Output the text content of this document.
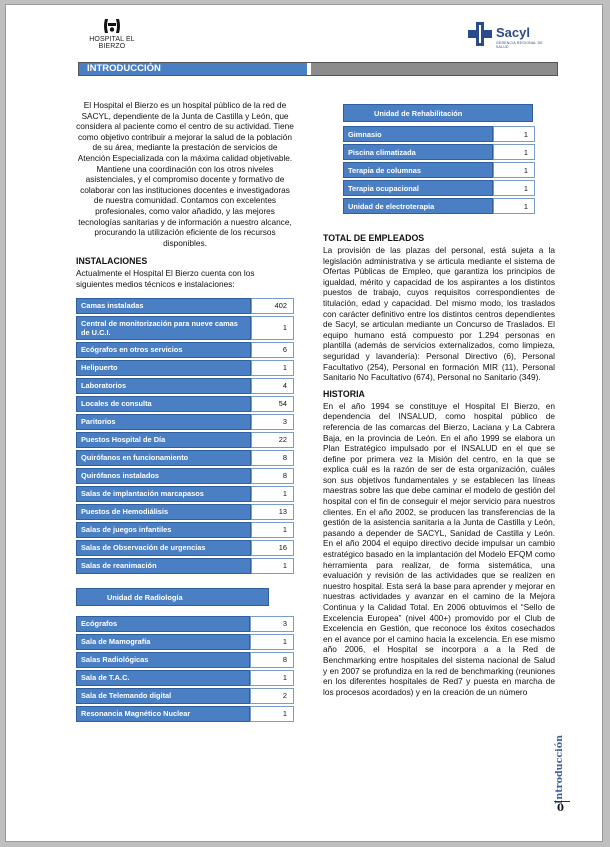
HOSPITAL EL BIERZO
Sacyl
GERENCIA REGIONAL DE SALUD
INTRODUCCIÓN

El Hospital el Bierzo es un hospital público de la red de SACYL, dependiente de la Junta de Castilla y León, que considera al paciente como el centro de su actividad. Tiene como objetivo contribuir a mejorar la salud de la población de su área, mediante la prestación de servicios de Atención Especializada con la máxima calidad objetivable. Mantiene una coordinación con los otros niveles asistenciales, y el compromiso docente y formativo de colaborar con las instituciones docentes e investigadoras de nuestra comunidad. Contamos con excelentes profesionales, como valor añadido, y las mejores tecnologías sanitarias y de información a nuestro alcance, procurando la utilización eficiente de los recursos disponibles.

INSTALACIONES

Actualmente el Hospital El Bierzo cuenta con los siguientes medios técnicos e instalaciones:

Camas instaladas	402
Central de monitorización para nueve camas de U.C.I.	1
Ecógrafos en otros servicios	6
Helipuerto	1
Laboratorios	4
Locales de consulta	54
Paritorios	3
Puestos Hospital de Día	22
Quirófanos en funcionamiento	8
Quirófanos instalados	8
Salas de implantación marcapasos	1
Puestos de Hemodiálisis	13
Salas de juegos infantiles	1
Salas de Observación de urgencias	16
Salas de reanimación	1
Unidad de Radiología
Ecógrafos	3
Sala de Mamografía	1
Salas Radiológicas	8
Sala de T.A.C.	1
Sala de Telemando digital	2
Resonancia Magnético Nuclear	1
Unidad de Rehabilitación
Gimnasio	1
Piscina climatizada	1
Terapia de columnas	1
Terapia ocupacional	1
Unidad de electroterapia	1
TOTAL DE EMPLEADOS

La provisión de las plazas del personal, está sujeta a la legislación administrativa y se articula mediante el sistema de Ofertas Públicas de Empleo, que garantiza los principios de igualdad, mérito y capacidad de los aspirantes a los distintos puestos de trabajo, cuyos requisitos correspondientes de titulación, edad y capacidad. Del mismo modo, los traslados con carácter definitivo entre los distintos centros dependientes de Sacyl, se articulan mediante un Concurso de Traslados. El equipo humano está compuesto por 1.294 personas en plantilla (además de servicios externalizados, como limpieza, seguridad y lavandería): Personal Directivo (6), Personal Facultativo (254), Personal en formación MIR (11), Personal Sanitario No Facultativo (674), Personal no Sanitario (349).

HISTORIA

En el año 1994 se constituye el Hospital El Bierzo, en dependencia del INSALUD, como hospital público de referencia de las comarcas del Bierzo, Laciana y La Cabrera Baja, en la provincia de León. En el año 1999 se elabora un Plan Estratégico impulsado por el INSALUD en el que se define por primera vez la Misión del centro, en la que se explica cuál es la razón de ser de esta organización, cuáles son sus objetivos fundamentales y se establecen las líneas maestras sobre las que debe caminar el modelo de gestión del hospital con el fin de conseguir el mejor servicio para nuestros clientes. En el año 2002, se producen las transferencias de la gestión de la asistencia sanitaria a la Junta de Castilla y León, pasando a depender de SACYL, Sanidad de Castilla y León. En el año 2004 el equipo directivo decide impulsar un cambio estratégico basado en la implantación del Modelo EFQM como herramienta para realizar, de forma sistemática, una evaluación y revisión de las actividades que se realizen en nuestro hospital. Esta será la base para aprender y mejorar en nuestras actividades y avanzar en el camino de la Mejora Continua y la Calidad Total. En 2006 obtuvimos el “Sello de Excelencia Europea” (nivel 400+) promovido por el Club de Excelencia en Gestión, que reconoce los éxitos cosechados en el avance por el camino hacia la excelencia. En ese mismo año 2006, el Hospital se incorpora a a la Red de Benchmarking entre hospitales del sistema nacional de Salud y en 2007 se profundiza en la red de benchmarking (reuniones en los diferentes hospitales de Red7 y puesta en marcha de los procesos acordados) y en la creación de un número

Introducción
0
